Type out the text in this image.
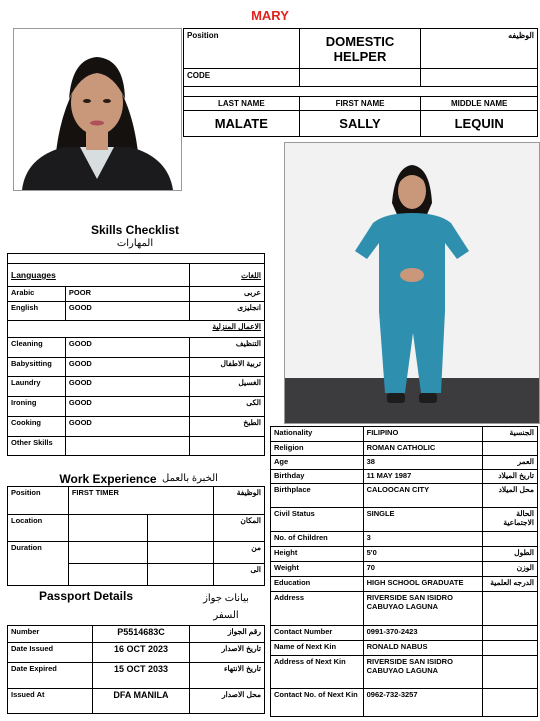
MARY
Position	DOMESTIC HELPER	الوظيفه
CODE		

LAST NAME	FIRST NAME	MIDDLE NAME
MALATE	SALLY	LEQUIN
Skills Checklist
المهارات

Languages		اللغات
Arabic	POOR	عربى
English	GOOD	انجليزى
الاعمال المنزلية		
Cleaning	GOOD	التنظيف
Babysitting	GOOD	تربية الاطفال
Laundry	GOOD	الغسيل
Ironing	GOOD	الكى
Cooking	GOOD	الطبخ
Other Skills		
Work Experience الخبرة بالعمل
Position	FIRST TIMER		الوظيفة
Location			المكان
Duration			من
			الى
Passport Details	بيانات جواز السفر
Number	P5514683C	رقم الجواز
Date Issued	16 OCT 2023	تاريخ الاصدار
Date Expired	15 OCT 2033	تاريخ الانتهاء
Issued At	DFA MANILA	محل الاصدار
Nationality	FILIPINO	الجنسية
Religion	ROMAN CATHOLIC	
Age	38	العمر
Birthday	11 MAY 1987	تاريخ الميلاد
Birthplace	CALOOCAN CITY	محل الميلاد
Civil Status	SINGLE	الحالة الاجتماعية
No. of Children	3	
Height	5'0	الطول
Weight	70	الوزن
Education	HIGH SCHOOL GRADUATE	الدرجه العلمية
Address	RIVERSIDE SAN ISIDRO CABUYAO LAGUNA	
Contact Number	0991-370-2423	
Name of Next Kin	RONALD NABUS	
Address of Next Kin	RIVERSIDE SAN ISIDRO CABUYAO LAGUNA	
Contact No. of Next Kin	0962-732-3257	
